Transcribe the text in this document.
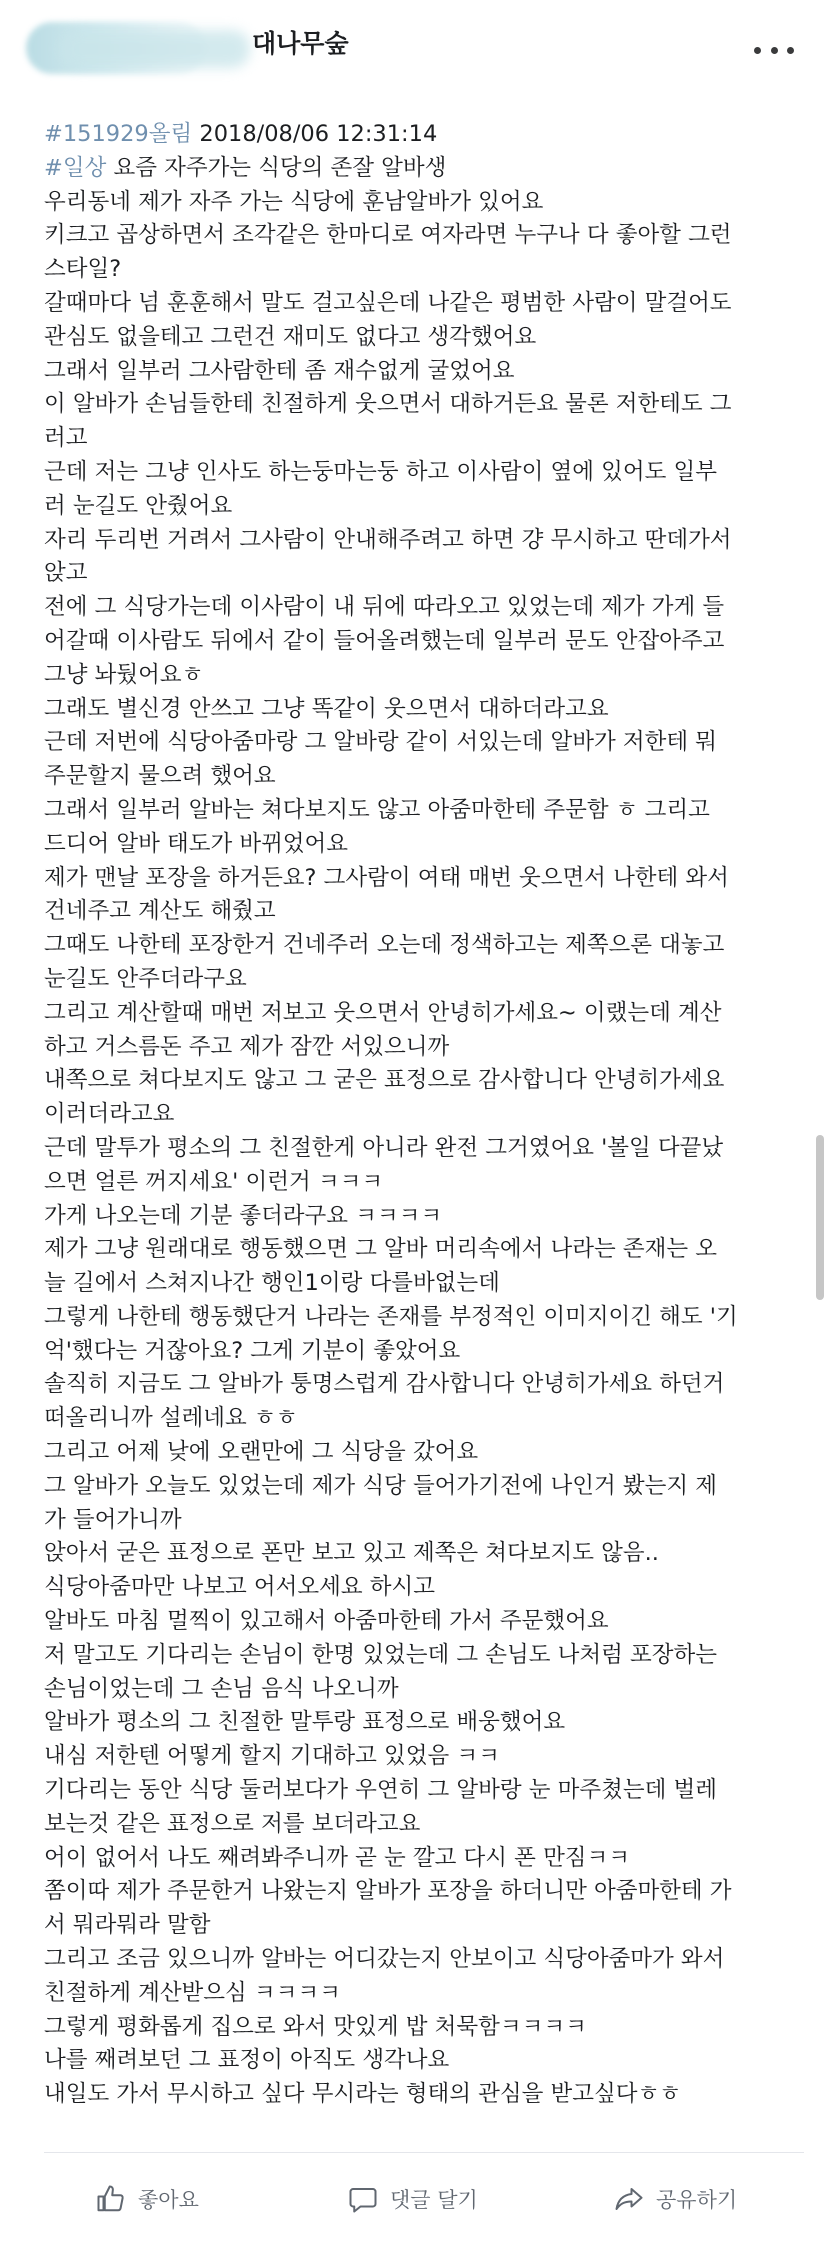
대나무숲
#151929올림 2018/08/06 12:31:14
#일상 요즘 자주가는 식당의 존잘 알바생
우리동네 제가 자주 가는 식당에 훈남알바가 있어요
키크고 곱상하면서 조각같은 한마디로 여자라면 누구나 다 좋아할 그런
스타일?
갈때마다 넘 훈훈해서 말도 걸고싶은데 나같은 평범한 사람이 말걸어도
관심도 없을테고 그런건 재미도 없다고 생각했어요
그래서 일부러 그사람한테 좀 재수없게 굴었어요
이 알바가 손님들한테 친절하게 웃으면서 대하거든요 물론 저한테도 그
러고
근데 저는 그냥 인사도 하는둥마는둥 하고 이사람이 옆에 있어도 일부
러 눈길도 안줬어요
자리 두리번 거려서 그사람이 안내해주려고 하면 걍 무시하고 딴데가서
앉고
전에 그 식당가는데 이사람이 내 뒤에 따라오고 있었는데 제가 가게 들
어갈때 이사람도 뒤에서 같이 들어올려했는데 일부러 문도 안잡아주고
그냥 놔뒀어요ㅎ
그래도 별신경 안쓰고 그냥 똑같이 웃으면서 대하더라고요
근데 저번에 식당아줌마랑 그 알바랑 같이 서있는데 알바가 저한테 뭐
주문할지 물으려 했어요
그래서 일부러 알바는 쳐다보지도 않고 아줌마한테 주문함 ㅎ 그리고
드디어 알바 태도가 바뀌었어요
제가 맨날 포장을 하거든요? 그사람이 여태 매번 웃으면서 나한테 와서
건네주고 계산도 해줬고
그때도 나한테 포장한거 건네주러 오는데 정색하고는 제쪽으론 대놓고
눈길도 안주더라구요
그리고 계산할때 매번 저보고 웃으면서 안녕히가세요~ 이랬는데 계산
하고 거스름돈 주고 제가 잠깐 서있으니까
내쪽으로 쳐다보지도 않고 그 굳은 표정으로 감사합니다 안녕히가세요
이러더라고요
근데 말투가 평소의 그 친절한게 아니라 완전 그거였어요 '볼일 다끝났
으면 얼른 꺼지세요' 이런거 ㅋㅋㅋ
가게 나오는데 기분 좋더라구요 ㅋㅋㅋㅋ
제가 그냥 원래대로 행동했으면 그 알바 머리속에서 나라는 존재는 오
늘 길에서 스쳐지나간 행인1이랑 다를바없는데
그렇게 나한테 행동했단거 나라는 존재를 부정적인 이미지이긴 해도 '기
억'했다는 거잖아요? 그게 기분이 좋았어요
솔직히 지금도 그 알바가 퉁명스럽게 감사합니다 안녕히가세요 하던거
떠올리니까 설레네요 ㅎㅎ
그리고 어제 낮에 오랜만에 그 식당을 갔어요
그 알바가 오늘도 있었는데 제가 식당 들어가기전에 나인거 봤는지 제
가 들어가니까
앉아서 굳은 표정으로 폰만 보고 있고 제쪽은 쳐다보지도 않음..
식당아줌마만 나보고 어서오세요 하시고
알바도 마침 멀찍이 있고해서 아줌마한테 가서 주문했어요
저 말고도 기다리는 손님이 한명 있었는데 그 손님도 나처럼 포장하는
손님이었는데 그 손님 음식 나오니까
알바가 평소의 그 친절한 말투랑 표정으로 배웅했어요
내심 저한텐 어떻게 할지 기대하고 있었음 ㅋㅋ
기다리는 동안 식당 둘러보다가 우연히 그 알바랑 눈 마주쳤는데 벌레
보는것 같은 표정으로 저를 보더라고요
어이 없어서 나도 째려봐주니까 곧 눈 깔고 다시 폰 만짐ㅋㅋ
쫌이따 제가 주문한거 나왔는지 알바가 포장을 하더니만 아줌마한테 가
서 뭐라뭐라 말함
그리고 조금 있으니까 알바는 어디갔는지 안보이고 식당아줌마가 와서
친절하게 계산받으심 ㅋㅋㅋㅋ
그렇게 평화롭게 집으로 와서 맛있게 밥 처묵함ㅋㅋㅋㅋ
나를 째려보던 그 표정이 아직도 생각나요
내일도 가서 무시하고 싶다 무시라는 형태의 관심을 받고싶다ㅎㅎ
좋아요	댓글 달기	공유하기
